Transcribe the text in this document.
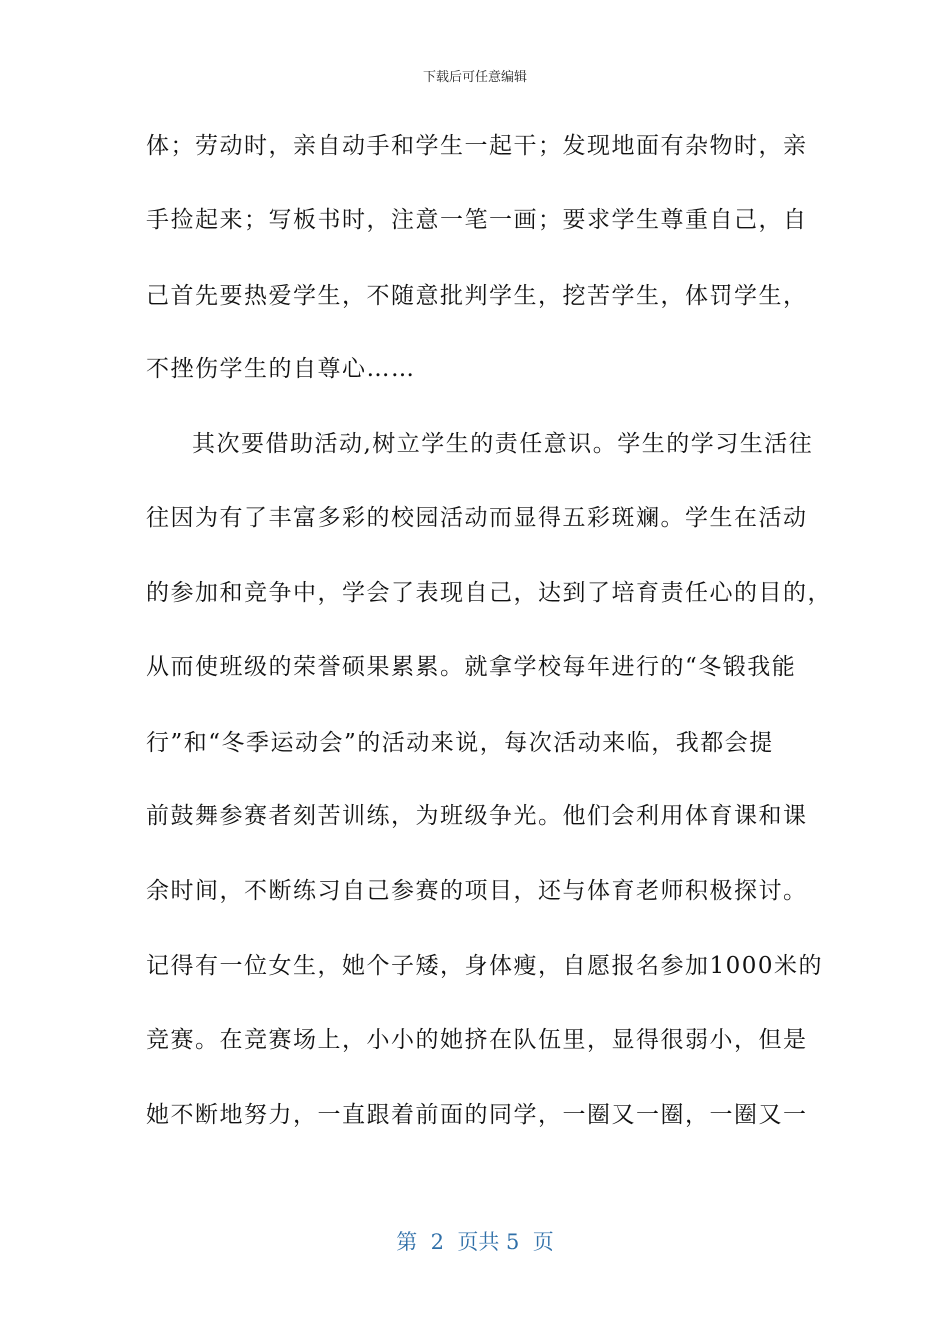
下载后可任意编辑
体；劳动时，亲自动手和学生一起干；发现地面有杂物时，亲
手捡起来；写板书时，注意一笔一画；要求学生尊重自己，自
己首先要热爱学生，不随意批判学生，挖苦学生，体罚学生，
不挫伤学生的自尊心……
其次要借助活动,树立学生的责任意识。学生的学习生活往
往因为有了丰富多彩的校园活动而显得五彩斑斓。学生在活动
的参加和竞争中，学会了表现自己，达到了培育责任心的目的，
从而使班级的荣誉硕果累累。就拿学校每年进行的“冬锻我能
行”和“冬季运动会”的活动来说，每次活动来临，我都会提
前鼓舞参赛者刻苦训练，为班级争光。他们会利用体育课和课
余时间，不断练习自己参赛的项目，还与体育老师积极探讨。
记得有一位女生，她个子矮，身体瘦，自愿报名参加1000米的
竞赛。在竞赛场上，小小的她挤在队伍里，显得很弱小，但是
她不断地努力，一直跟着前面的同学，一圈又一圈，一圈又一
第  2  页共 5  页
